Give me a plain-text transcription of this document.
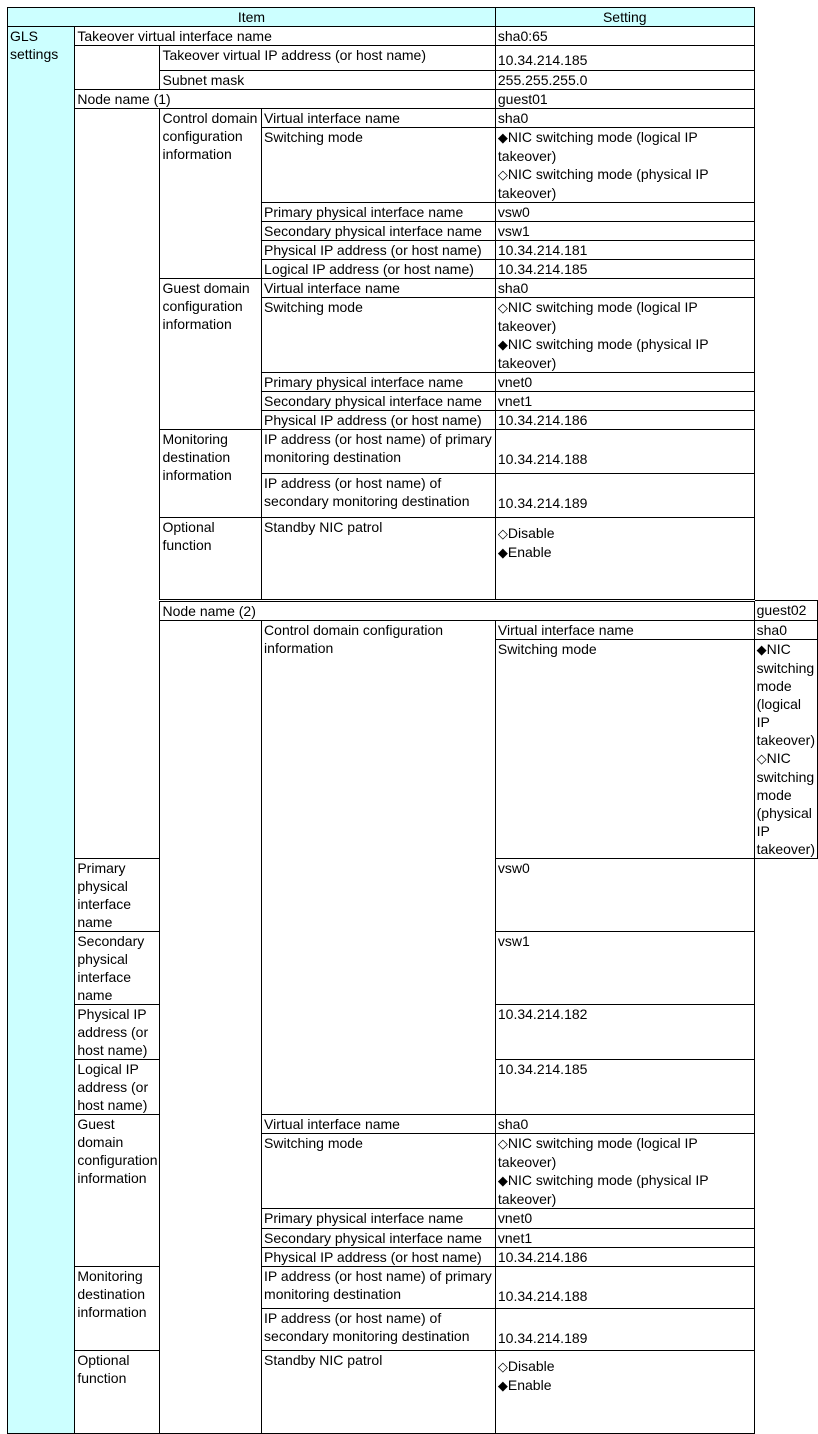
Item				Setting	
GLS settings	Takeover virtual interface name			sha0:65	
		Takeover virtual IP address (or host name)		10.34.214.185	
		Subnet mask		255.255.255.0	
	Node name (1)			guest01	
		Control domain configuration information	Virtual interface name	sha0	
			Switching mode	◆NIC switching mode (logical IP takeover)
◇NIC switching mode (physical IP takeover)	

			Primary physical interface name	vsw0	
			Secondary physical interface name	vsw1	
			Physical IP address (or host name)	10.34.214.181	
			Logical IP address (or host name)	10.34.214.185	
		Guest domain configuration information	Virtual interface name	sha0	
			Switching mode	◇NIC switching mode (logical IP takeover)
◆NIC switching mode (physical IP takeover)	

			Primary physical interface name	vnet0	
			Secondary physical interface name	vnet1	
			Physical IP address (or host name)	10.34.214.186	
		Monitoring destination information	IP address (or host name) of primary monitoring destination	10.34.214.188	
			IP address (or host name) of secondary monitoring destination	10.34.214.189	
		Optional function	Standby NIC patrol	◇Disable
◆Enable	

		Node name (2)			guest02
			Control domain configuration information	Virtual interface name	sha0
				Switching mode	◆NIC switching mode (logical IP takeover)
◇NIC switching mode (physical IP takeover)

	Primary physical interface name			vsw0	
	Secondary physical interface name			vsw1	
	Physical IP address (or host name)			10.34.214.182	
	Logical IP address (or host name)			10.34.214.185	
	Guest domain configuration information		Virtual interface name	sha0	
			Switching mode	◇NIC switching mode (logical IP takeover)
◆NIC switching mode (physical IP takeover)	

			Primary physical interface name	vnet0	
			Secondary physical interface name	vnet1	
			Physical IP address (or host name)	10.34.214.186	
	Monitoring destination information		IP address (or host name) of primary monitoring destination	10.34.214.188	
			IP address (or host name) of secondary monitoring destination	10.34.214.189	
	Optional function		Standby NIC patrol	◇Disable
◆Enable	
